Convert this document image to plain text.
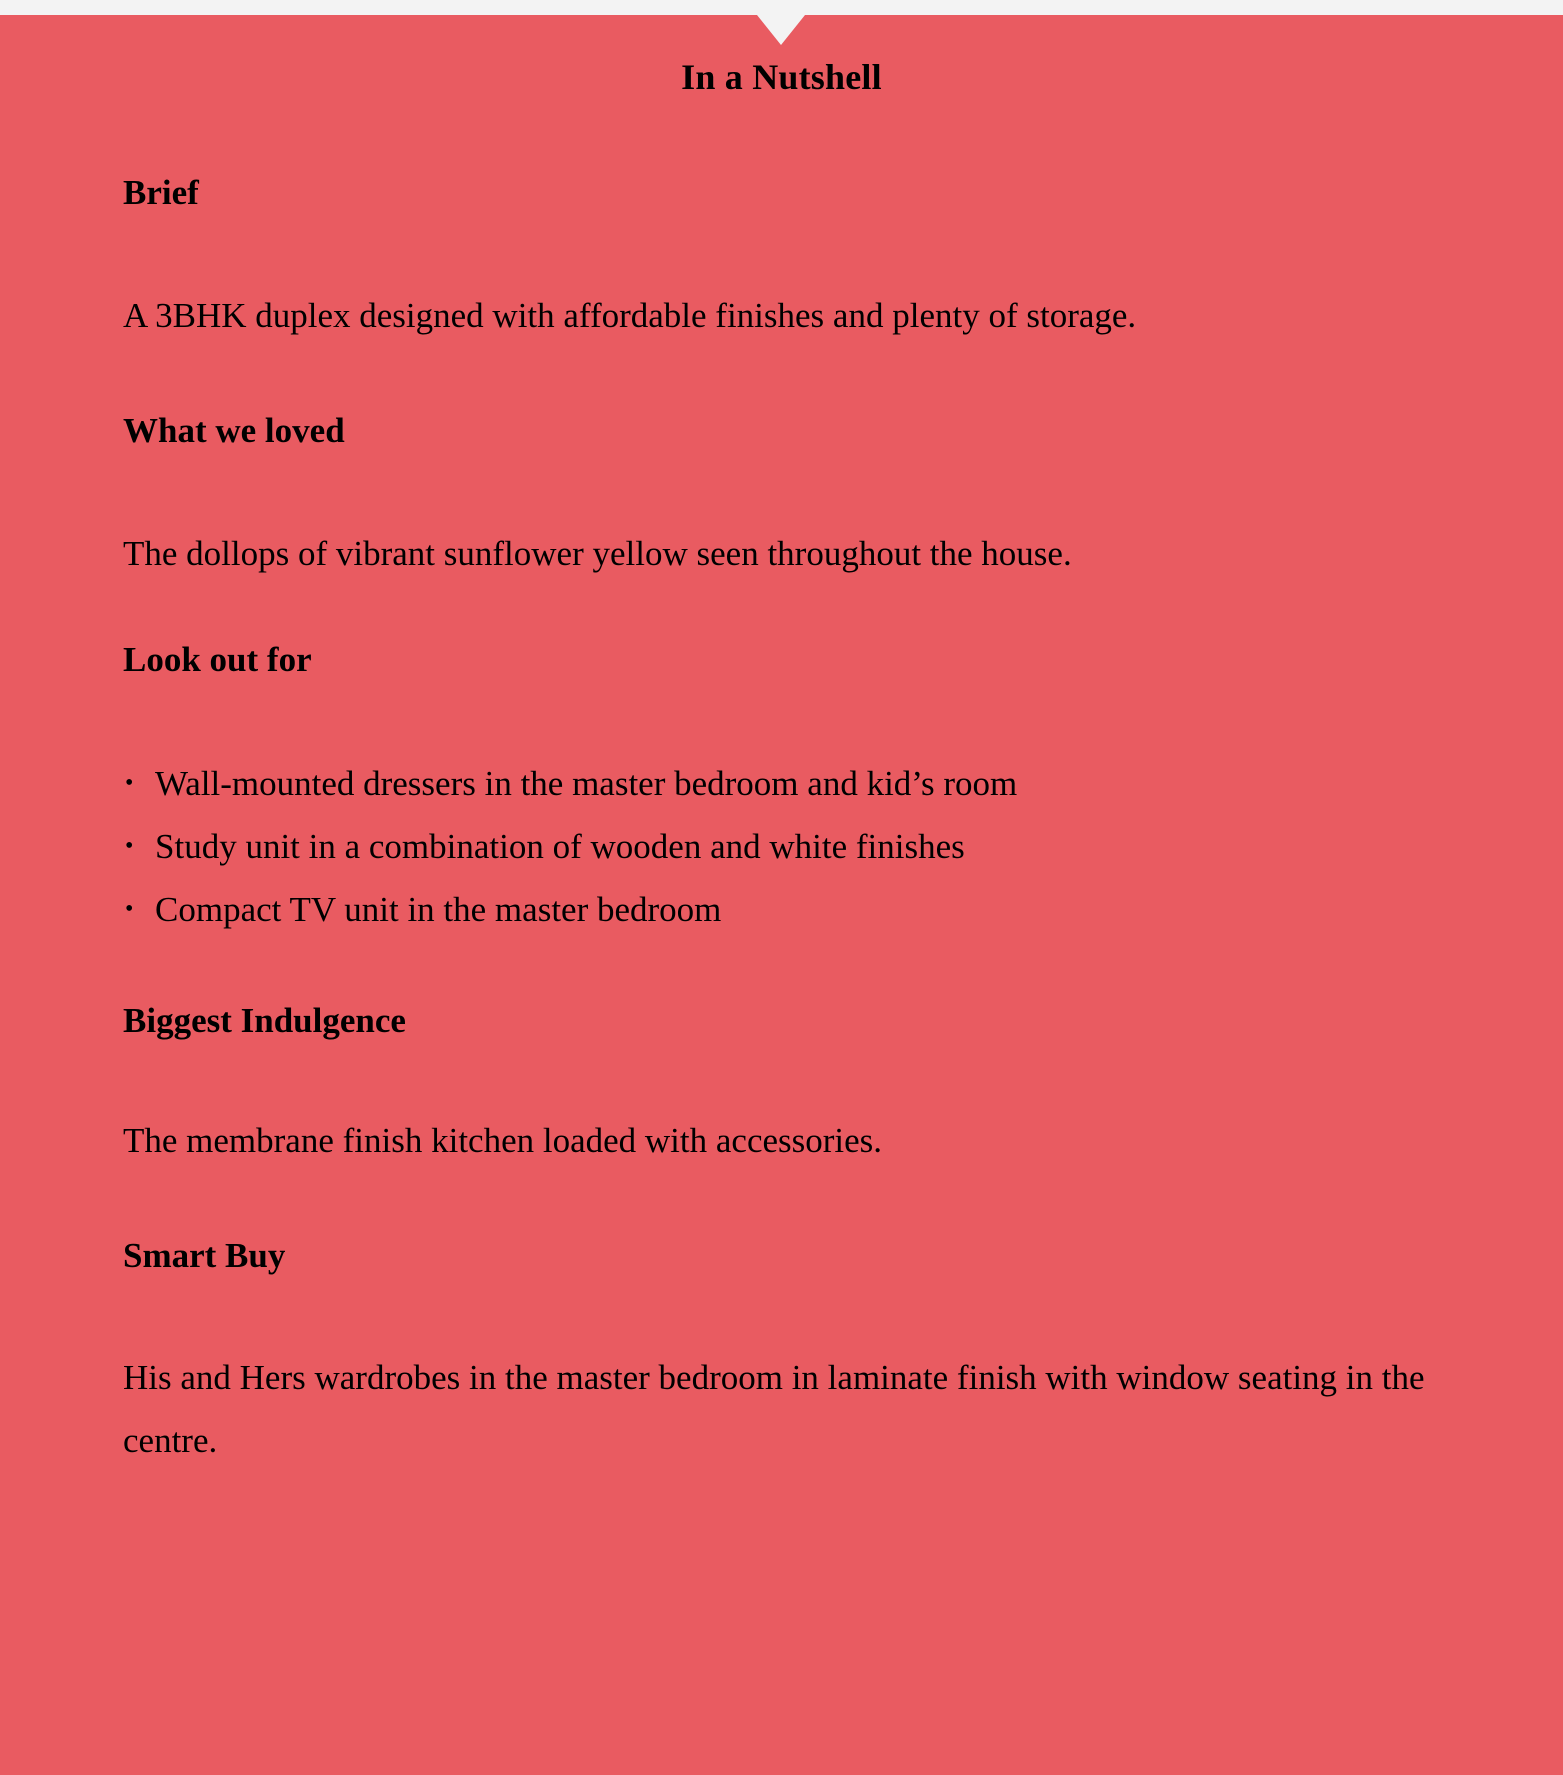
In a Nutshell
Brief
A 3BHK duplex designed with affordable finishes and plenty of storage.
What we loved
The dollops of vibrant sunflower yellow seen throughout the house.
Look out for
• Wall-mounted dressers in the master bedroom and kid’s room
• Study unit in a combination of wooden and white finishes
• Compact TV unit in the master bedroom
Biggest Indulgence
The membrane finish kitchen loaded with accessories.
Smart Buy
His and Hers wardrobes in the master bedroom in laminate finish with window seating in the centre.
